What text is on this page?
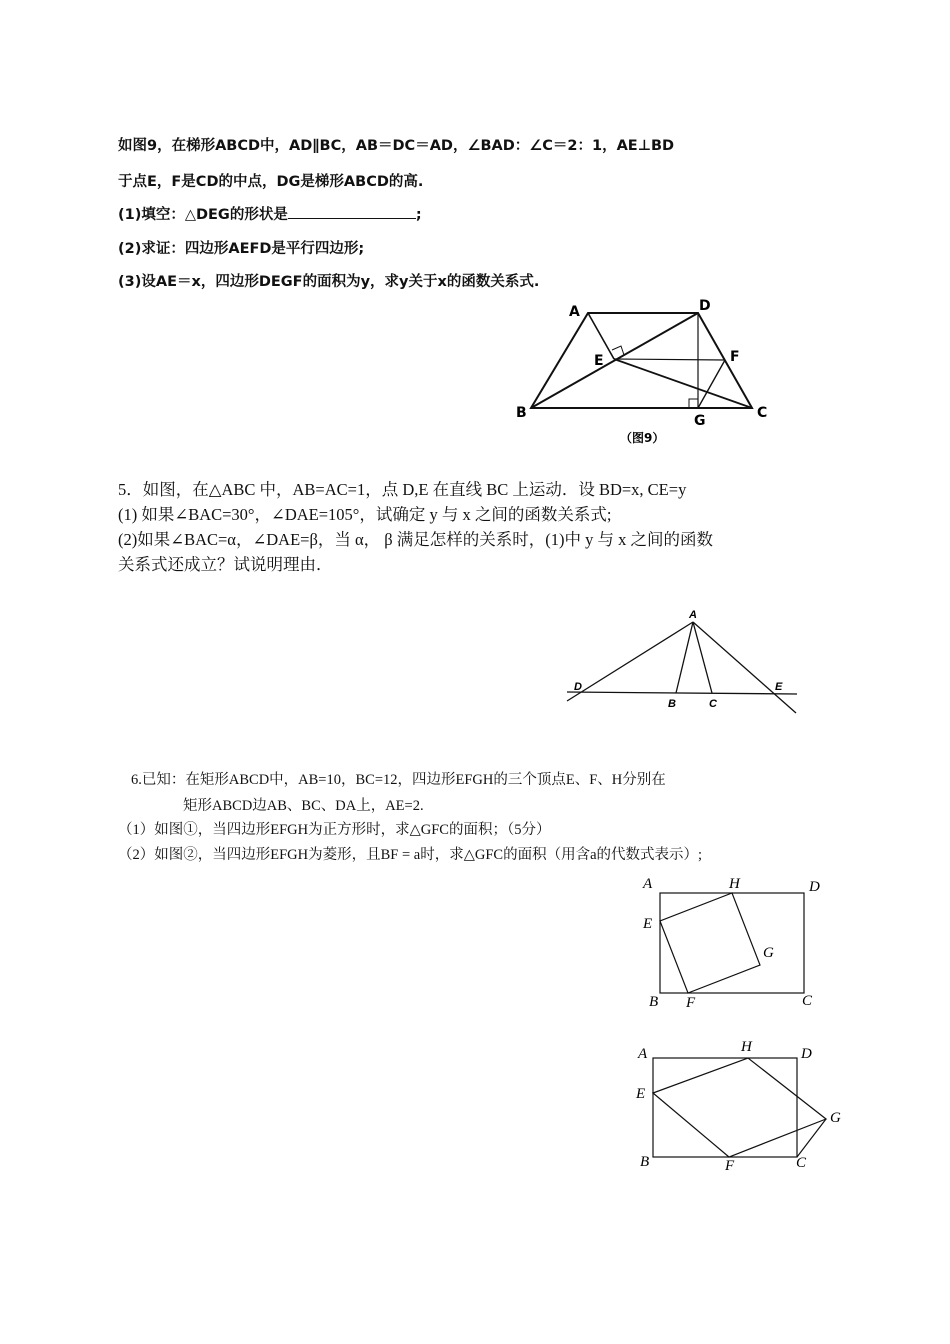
如图9，在梯形ABCD中，AD∥BC，AB＝DC＝AD，∠BAD：∠C＝2：1，AE⊥BD

于点E，F是CD的中点，DG是梯形ABCD的高.

(1)填空：△DEG的形状是	;

(2)求证：四边形AEFD是平行四边形;

(3)设AE＝x，四边形DEGF的面积为y，求y关于x的函数关系式.

5．如图，在△ABC 中，AB=AC=1，点 D,E 在直线 BC 上运动．设 BD=x, CE=y

(1) 如果∠BAC=30°，∠DAE=105°，试确定 y 与 x 之间的函数关系式;

(2)如果∠BAC=α，∠DAE=β，当 α， β 满足怎样的关系时，(1)中 y 与 x 之间的函数

关系式还成立？试说明理由．

6.已知：在矩形ABCD中，AB=10，BC=12，四边形EFGH的三个顶点E、F、H分别在

矩形ABCD边AB、BC、DA上，AE=2.

（1）如图①，当四边形EFGH为正方形时，求△GFC的面积；（5分）

（2）如图②，当四边形EFGH为菱形，且BF = a时，求△GFC的面积（用含a的代数式表示）;

A	D
E	F
B	G	C
（图9）
A
D
B	C
E
A	H	D
E
G
B F	C
A	H	D
E
G
B	F	C
